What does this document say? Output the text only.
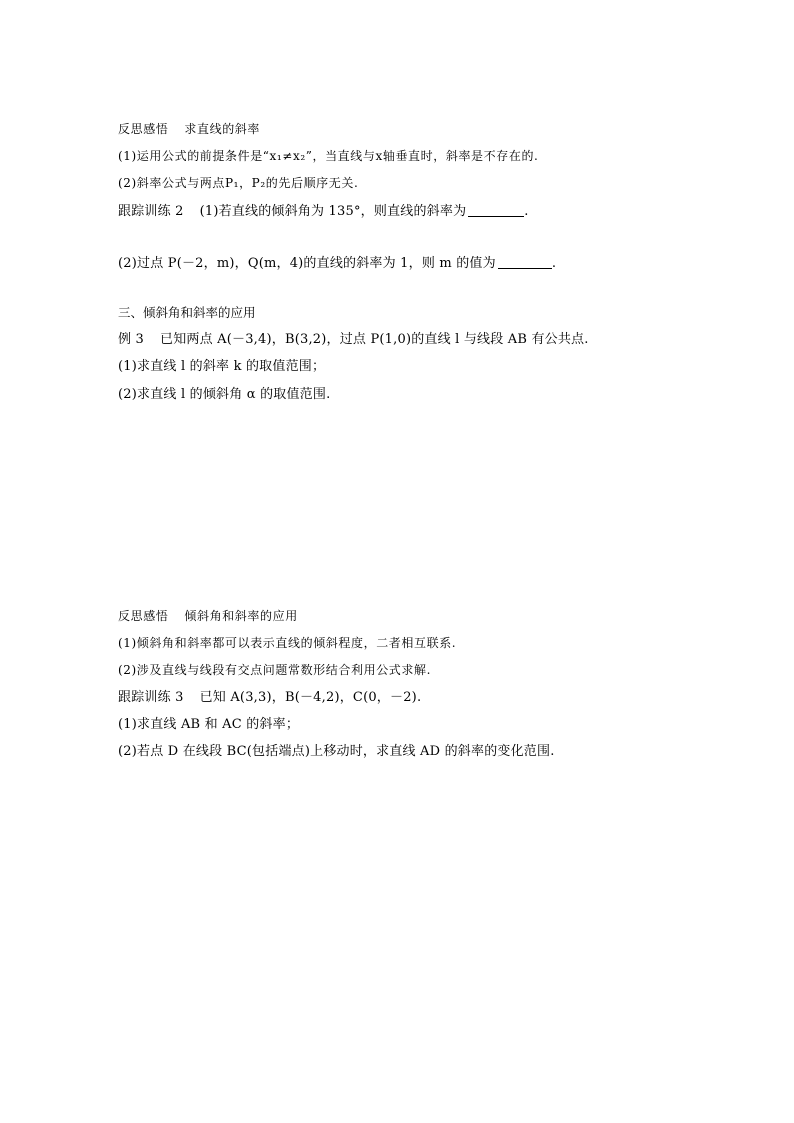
反思感悟 求直线的斜率
(1)运用公式的前提条件是“x₁≠x₂”，当直线与x轴垂直时，斜率是不存在的.
(2)斜率公式与两点P₁，P₂的先后顺序无关.
跟踪训练 2 (1)若直线的倾斜角为 135°，则直线的斜率为	.
(2)过点 P(－2，m)，Q(m，4)的直线的斜率为 1，则 m 的值为	.
三、倾斜角和斜率的应用
例 3 已知两点 A(－3,4)，B(3,2)，过点 P(1,0)的直线 l 与线段 AB 有公共点.
(1)求直线 l 的斜率 k 的取值范围；
(2)求直线 l 的倾斜角 α 的取值范围.
反思感悟 倾斜角和斜率的应用
(1)倾斜角和斜率都可以表示直线的倾斜程度，二者相互联系.
(2)涉及直线与线段有交点问题常数形结合利用公式求解.
跟踪训练 3 已知 A(3,3)，B(－4,2)，C(0，－2).
(1)求直线 AB 和 AC 的斜率；
(2)若点 D 在线段 BC(包括端点)上移动时，求直线 AD 的斜率的变化范围.
